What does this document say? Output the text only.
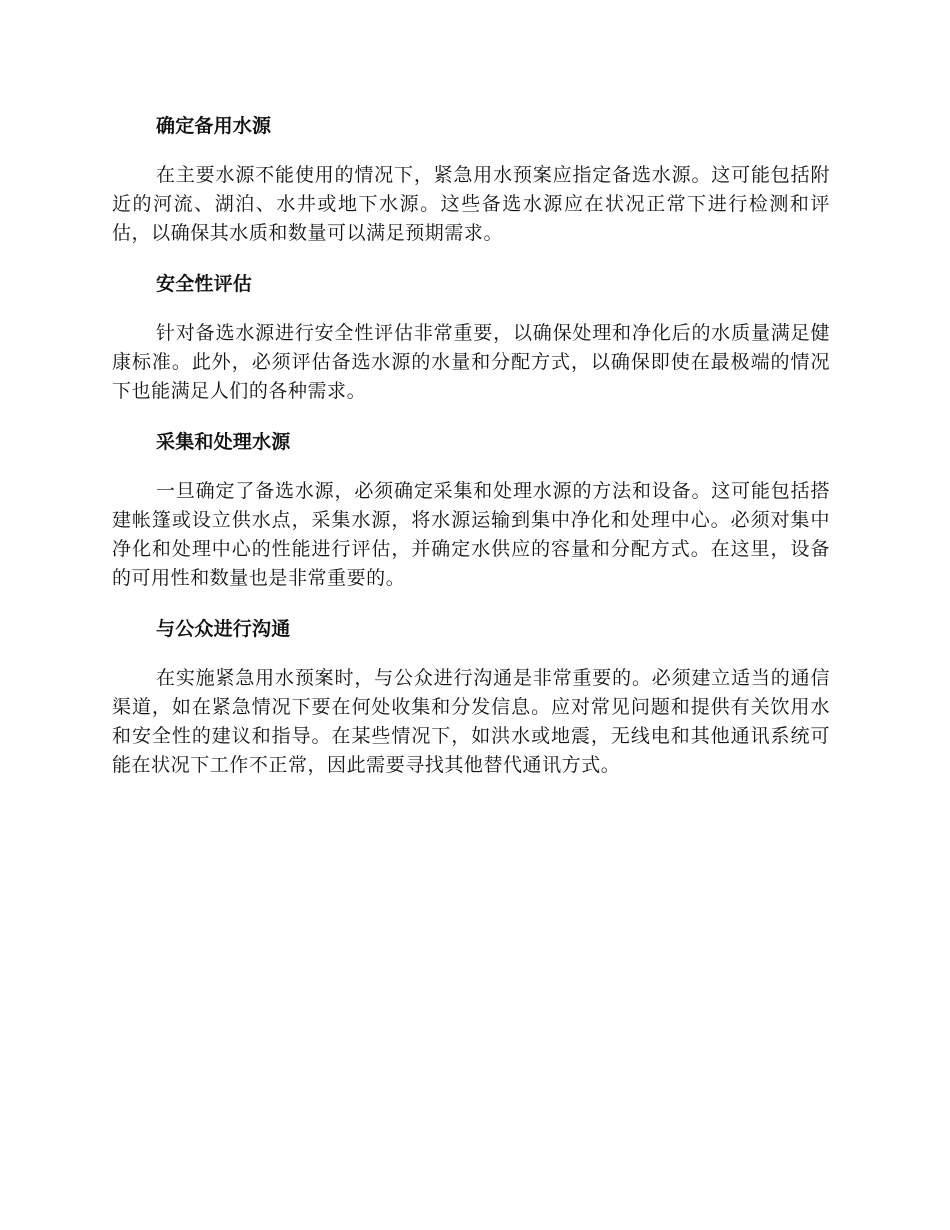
确定备用水源

在主要水源不能使用的情况下，紧急用水预案应指定备选水源。这可能包括附近的河流、湖泊、水井或地下水源。这些备选水源应在状况正常下进行检测和评估，以确保其水质和数量可以满足预期需求。

安全性评估

针对备选水源进行安全性评估非常重要，以确保处理和净化后的水质量满足健康标准。此外，必须评估备选水源的水量和分配方式，以确保即使在最极端的情况下也能满足人们的各种需求。

采集和处理水源

一旦确定了备选水源，必须确定采集和处理水源的方法和设备。这可能包括搭建帐篷或设立供水点，采集水源，将水源运输到集中净化和处理中心。必须对集中净化和处理中心的性能进行评估，并确定水供应的容量和分配方式。在这里，设备的可用性和数量也是非常重要的。

与公众进行沟通

在实施紧急用水预案时，与公众进行沟通是非常重要的。必须建立适当的通信渠道，如在紧急情况下要在何处收集和分发信息。应对常见问题和提供有关饮用水和安全性的建议和指导。在某些情况下，如洪水或地震，无线电和其他通讯系统可能在状况下工作不正常，因此需要寻找其他替代通讯方式。
